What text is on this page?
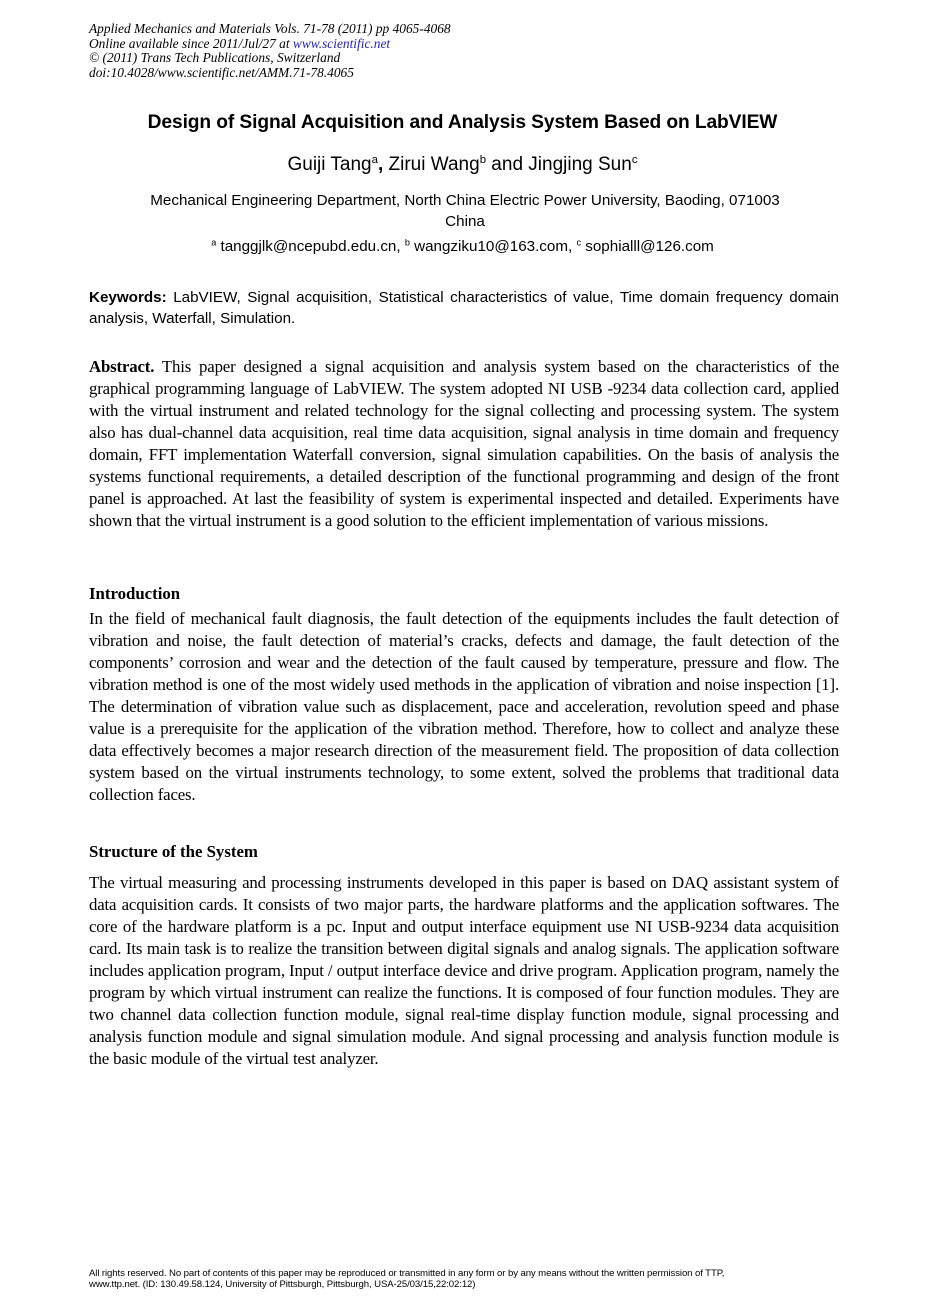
Applied Mechanics and Materials Vols. 71-78 (2011) pp 4065-4068
Online available since 2011/Jul/27 at www.scientific.net
© (2011) Trans Tech Publications, Switzerland
doi:10.4028/www.scientific.net/AMM.71-78.4065
Design of Signal Acquisition and Analysis System Based on LabVIEW
Guiji Tang$^a$, Zirui Wang$^b$ and Jingjing Sun$^c$
Mechanical Engineering Department, North China Electric Power University, Baoding, 071003
China
$^a$ tanggjlk@ncepubd.edu.cn, $^b$ wangziku10@163.com, $^c$ sophialll@126.com
Keywords: LabVIEW, Signal acquisition, Statistical characteristics of value, Time domain frequency domain analysis, Waterfall, Simulation.
Abstract. This paper designed a signal acquisition and analysis system based on the characteristics of the graphical programming language of LabVIEW. The system adopted NI USB -9234 data collection card, applied with the virtual instrument and related technology for the signal collecting and processing system. The system also has dual-channel data acquisition, real time data acquisition, signal analysis in time domain and frequency domain, FFT implementation Waterfall conversion, signal simulation capabilities. On the basis of analysis the systems functional requirements, a detailed description of the functional programming and design of the front panel is approached. At last the feasibility of system is experimental inspected and detailed. Experiments have shown that the virtual instrument is a good solution to the efficient implementation of various missions.
Introduction
In the field of mechanical fault diagnosis, the fault detection of the equipments includes the fault detection of vibration and noise, the fault detection of material’s cracks, defects and damage, the fault detection of the components’ corrosion and wear and the detection of the fault caused by temperature, pressure and flow. The vibration method is one of the most widely used methods in the application of vibration and noise inspection [1]. The determination of vibration value such as displacement, pace and acceleration, revolution speed and phase value is a prerequisite for the application of the vibration method. Therefore, how to collect and analyze these data effectively becomes a major research direction of the measurement field. The proposition of data collection system based on the virtual instruments technology, to some extent, solved the problems that traditional data collection faces.
Structure of the System
The virtual measuring and processing instruments developed in this paper is based on DAQ assistant system of data acquisition cards. It consists of two major parts, the hardware platforms and the application softwares. The core of the hardware platform is a pc. Input and output interface equipment use NI USB-9234 data acquisition card. Its main task is to realize the transition between digital signals and analog signals. The application software includes application program, Input / output interface device and drive program. Application program, namely the program by which virtual instrument can realize the functions. It is composed of four function modules. They are two channel data collection function module, signal real-time display function module, signal processing and analysis function module and signal simulation module. And signal processing and analysis function module is the basic module of the virtual test analyzer.
All rights reserved. No part of contents of this paper may be reproduced or transmitted in any form or by any means without the written permission of TTP,
www.ttp.net. (ID: 130.49.58.124, University of Pittsburgh, Pittsburgh, USA-25/03/15,22:02:12)
